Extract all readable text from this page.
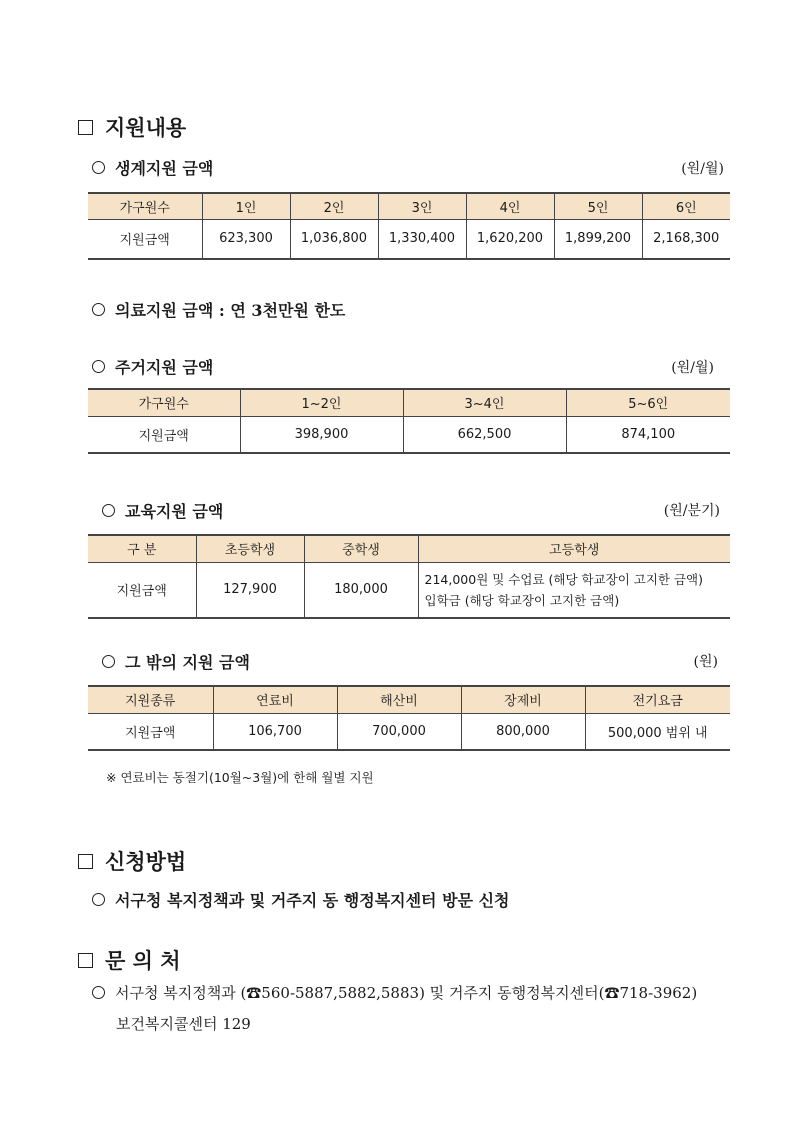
지원내용
생계지원 금액	(원/월)
가구원수	1인	2인	3인	4인	5인	6인
지원금액	623,300	1,036,800	1,330,400	1,620,200	1,899,200	2,168,300
의료지원 금액 : 연 3천만원 한도
주거지원 금액	(원/월)
가구원수	1~2인	3~4인	5~6인
지원금액	398,900	662,500	874,100
교육지원 금액	(원/분기)
구 분	초등학생	중학생	고등학생
지원금액	127,900	180,000	214,000원 및 수업료 (해당 학교장이 고지한 금액)
입학금 (해당 학교장이 고지한 금액)
그 밖의 지원 금액	(원)
지원종류	연료비	해산비	장제비	전기요금
지원금액	106,700	700,000	800,000	500,000 범위 내
※ 연료비는 동절기(10월~3월)에 한해 월별 지원
신청방법
서구청 복지정책과 및 거주지 동 행정복지센터 방문 신청
문 의 처
서구청 복지정책과 (☎560-5887,5882,5883) 및 거주지 동행정복지센터(☎718-3962)
보건복지콜센터 129
